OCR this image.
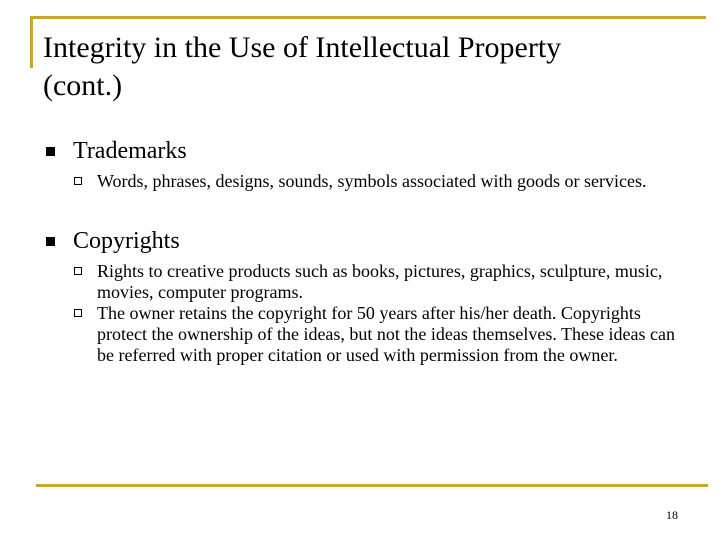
Integrity in the Use of Intellectual Property
(cont.)
Trademarks
Words, phrases, designs, sounds, symbols associated with goods or services.
Copyrights
Rights to creative products such as books, pictures, graphics, sculpture, music, movies, computer programs.
The owner retains the copyright for 50 years after his/her death. Copyrights protect the ownership of the ideas, but not the ideas themselves. These ideas can be referred with proper citation or used with permission from the owner.
18
